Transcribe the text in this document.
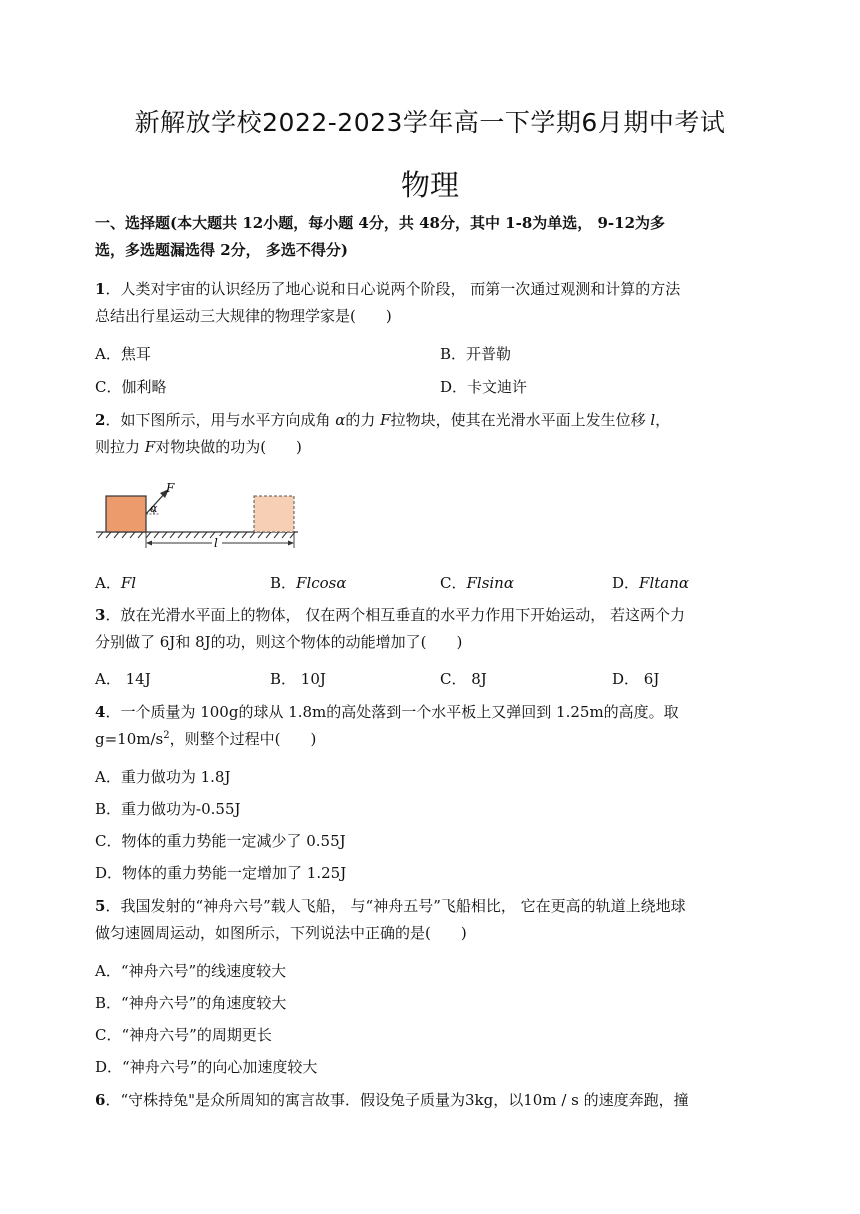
新解放学校2022-2023学年高一下学期6月期中考试
物理
一、选择题(本大题共 12小题，每小题 4分，共 48分，其中 1-8为单选， 9-12为多
选，多选题漏选得 2分， 多选不得分)
1．人类对宇宙的认识经历了地心说和日心说两个阶段， 而第一次通过观测和计算的方法
总结出行星运动三大规律的物理学家是(　　)
A．焦耳	B．开普勒
C．伽利略	D．卡文迪许
2．如下图所示，用与水平方向成角 α的力 F拉物块，使其在光滑水平面上发生位移 l，
则拉力 F对物块做的功为(　　)
F
α
l
A．Fl	B．Flcosα	C．Flsinα	D．Fltanα
3．放在光滑水平面上的物体， 仅在两个相互垂直的水平力作用下开始运动， 若这两个力
分别做了 6J和 8J的功，则这个物体的动能增加了(　　)
A． 14J	B． 10J	C． 8J	D． 6J
4．一个质量为 100g的球从 1.8m的高处落到一个水平板上又弹回到 1.25m的高度。取
$g=10m/s^2$，则整个过程中(　　)
A．重力做功为 1.8J
B．重力做功为-0.55J
C．物体的重力势能一定减少了 0.55J
D．物体的重力势能一定增加了 1.25J
5．我国发射的“神舟六号”载人飞船， 与“神舟五号”飞船相比， 它在更高的轨道上绕地球
做匀速圆周运动，如图所示，下列说法中正确的是(　　)
A．“神舟六号”的线速度较大
B．“神舟六号”的角速度较大
C．“神舟六号”的周期更长
D．“神舟六号”的向心加速度较大
6．“守株持兔"是众所周知的寓言故事．假设兔子质量为3kg，以10m / s 的速度奔跑，撞
